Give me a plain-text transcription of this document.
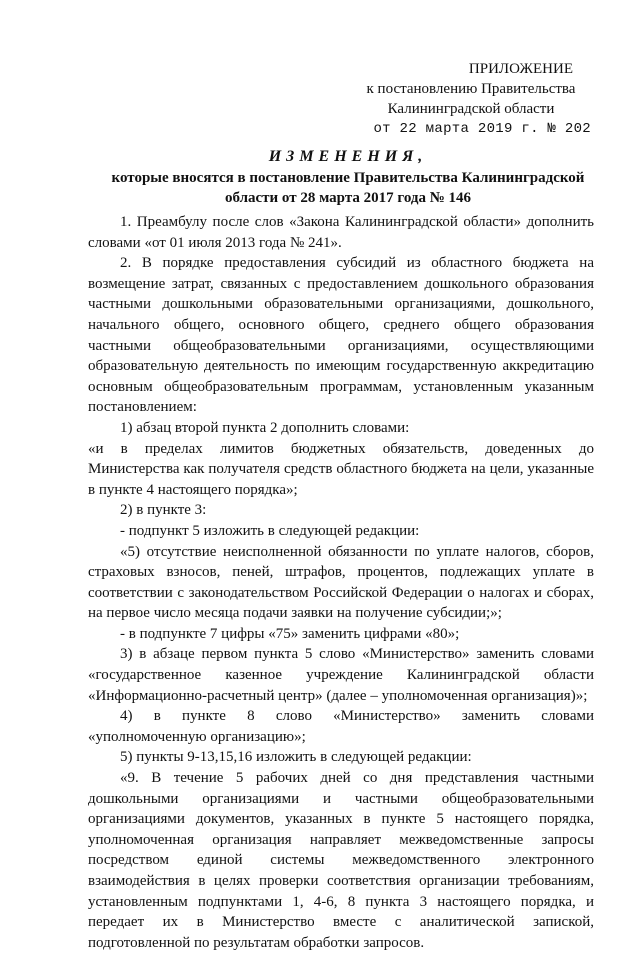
ПРИЛОЖЕНИЕ
к постановлению Правительства
Калининградской области
от 22 марта 2019 г. № 202
ИЗМЕНЕНИЯ,
которые вносятся в постановление Правительства Калининградской
области от 28 марта 2017 года № 146

1. Преамбулу после слов «Закона Калининградской области» дополнить словами «от 01 июля 2013 года № 241».

2. В порядке предоставления субсидий из областного бюджета на возмещение затрат, связанных с предоставлением дошкольного образования частными дошкольными образовательными организациями, дошкольного, начального общего, основного общего, среднего общего образования частными общеобразовательными организациями, осуществляющими образовательную деятельность по имеющим государственную аккредитацию основным общеобразовательным программам, установленным указанным постановлением:

1) абзац второй пункта 2 дополнить словами:

«и в пределах лимитов бюджетных обязательств, доведенных до Министерства как получателя средств областного бюджета на цели, указанные в пункте 4 настоящего порядка»;

2) в пункте 3:

- подпункт 5 изложить в следующей редакции:

«5) отсутствие неисполненной обязанности по уплате налогов, сборов, страховых взносов, пеней, штрафов, процентов, подлежащих уплате в соответствии с законодательством Российской Федерации о налогах и сборах, на первое число месяца подачи заявки на получение субсидии;»;

- в подпункте 7 цифры «75» заменить цифрами «80»;

3) в абзаце первом пункта 5 слово «Министерство» заменить словами «государственное казенное учреждение Калининградской области «Информационно-расчетный центр» (далее – уполномоченная организация)»;

4) в пункте 8 слово «Министерство» заменить словами «уполномоченную организацию»;

5) пункты 9-13,15,16 изложить в следующей редакции:

«9. В течение 5 рабочих дней со дня представления частными дошкольными организациями и частными общеобразовательными организациями документов, указанных в пункте 5 настоящего порядка, уполномоченная организация направляет межведомственные запросы посредством единой системы межведомственного электронного взаимодействия в целях проверки соответствия организации требованиям, установленным подпунктами 1, 4-6, 8 пункта 3 настоящего порядка, и передает их в Министерство вместе с аналитической запиской, подготовленной по результатам обработки запросов.
